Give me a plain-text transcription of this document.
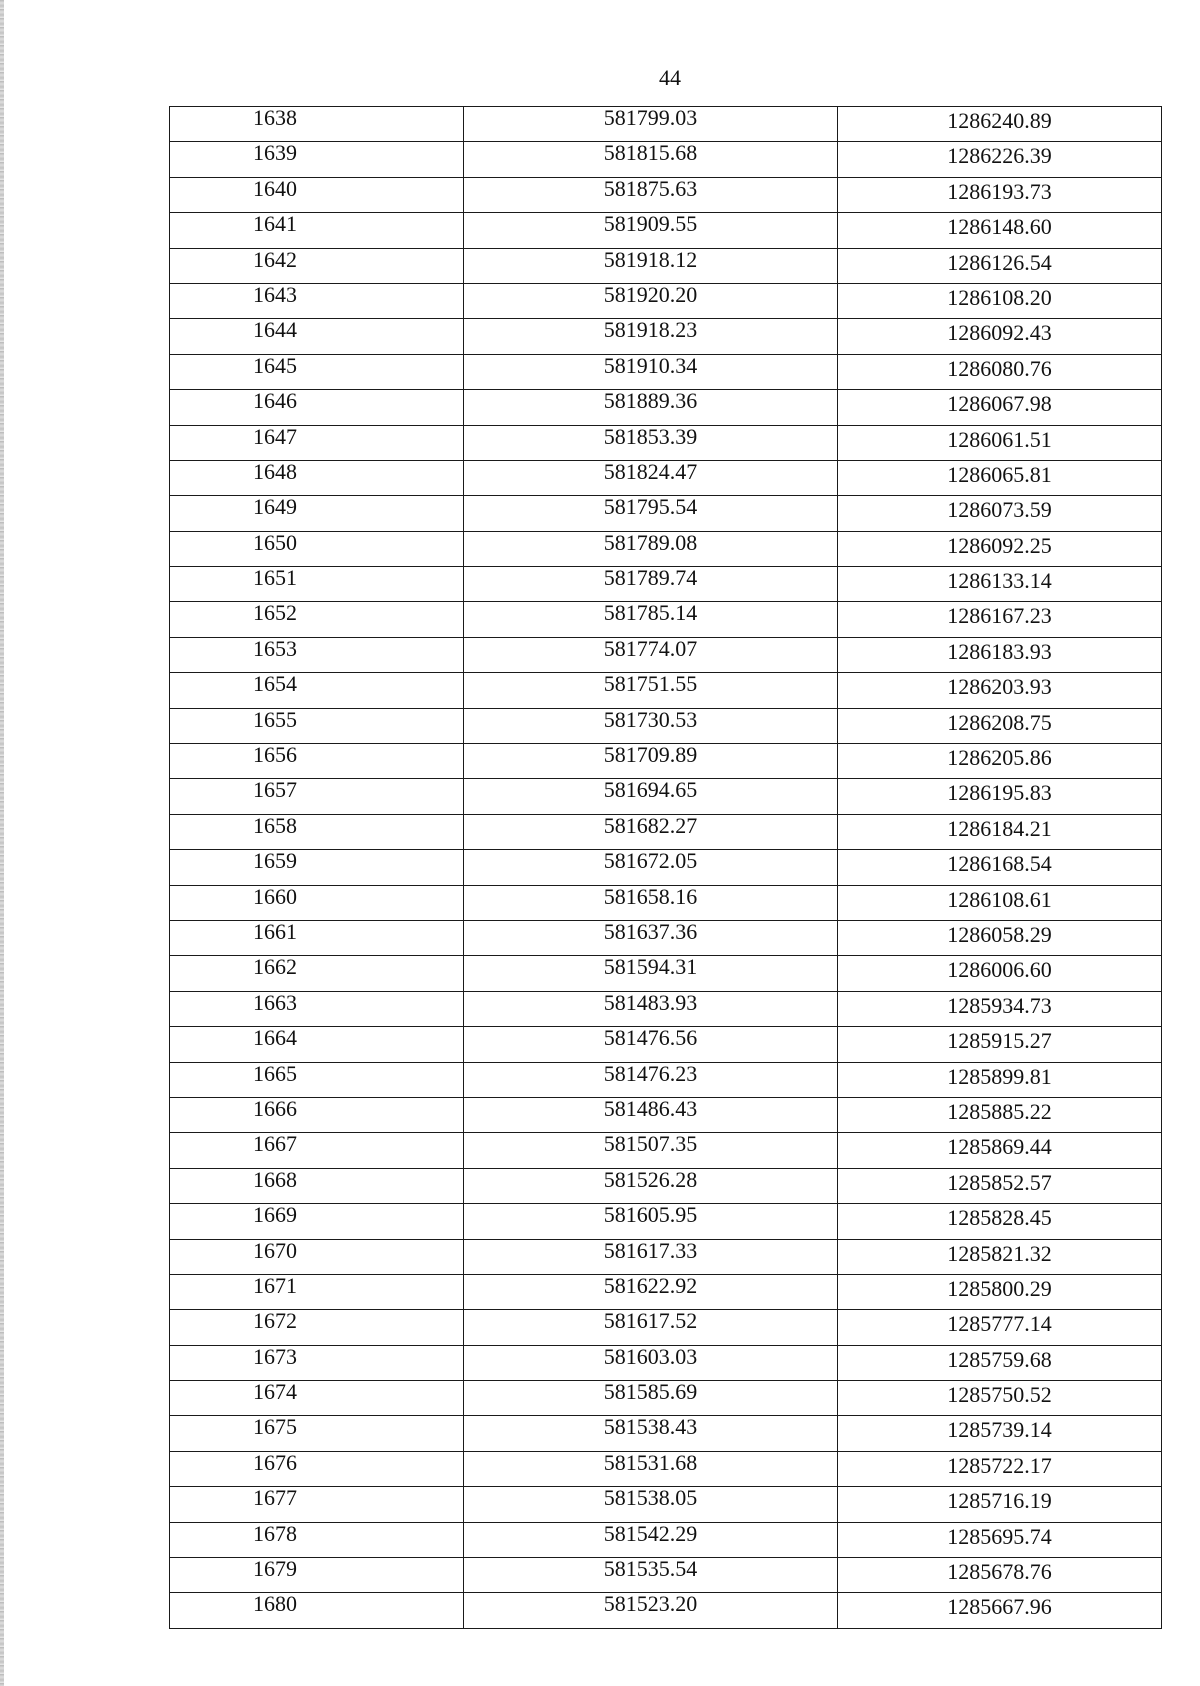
44
1638	581799.03	1286240.89
1639	581815.68	1286226.39
1640	581875.63	1286193.73
1641	581909.55	1286148.60
1642	581918.12	1286126.54
1643	581920.20	1286108.20
1644	581918.23	1286092.43
1645	581910.34	1286080.76
1646	581889.36	1286067.98
1647	581853.39	1286061.51
1648	581824.47	1286065.81
1649	581795.54	1286073.59
1650	581789.08	1286092.25
1651	581789.74	1286133.14
1652	581785.14	1286167.23
1653	581774.07	1286183.93
1654	581751.55	1286203.93
1655	581730.53	1286208.75
1656	581709.89	1286205.86
1657	581694.65	1286195.83
1658	581682.27	1286184.21
1659	581672.05	1286168.54
1660	581658.16	1286108.61
1661	581637.36	1286058.29
1662	581594.31	1286006.60
1663	581483.93	1285934.73
1664	581476.56	1285915.27
1665	581476.23	1285899.81
1666	581486.43	1285885.22
1667	581507.35	1285869.44
1668	581526.28	1285852.57
1669	581605.95	1285828.45
1670	581617.33	1285821.32
1671	581622.92	1285800.29
1672	581617.52	1285777.14
1673	581603.03	1285759.68
1674	581585.69	1285750.52
1675	581538.43	1285739.14
1676	581531.68	1285722.17
1677	581538.05	1285716.19
1678	581542.29	1285695.74
1679	581535.54	1285678.76
1680	581523.20	1285667.96
